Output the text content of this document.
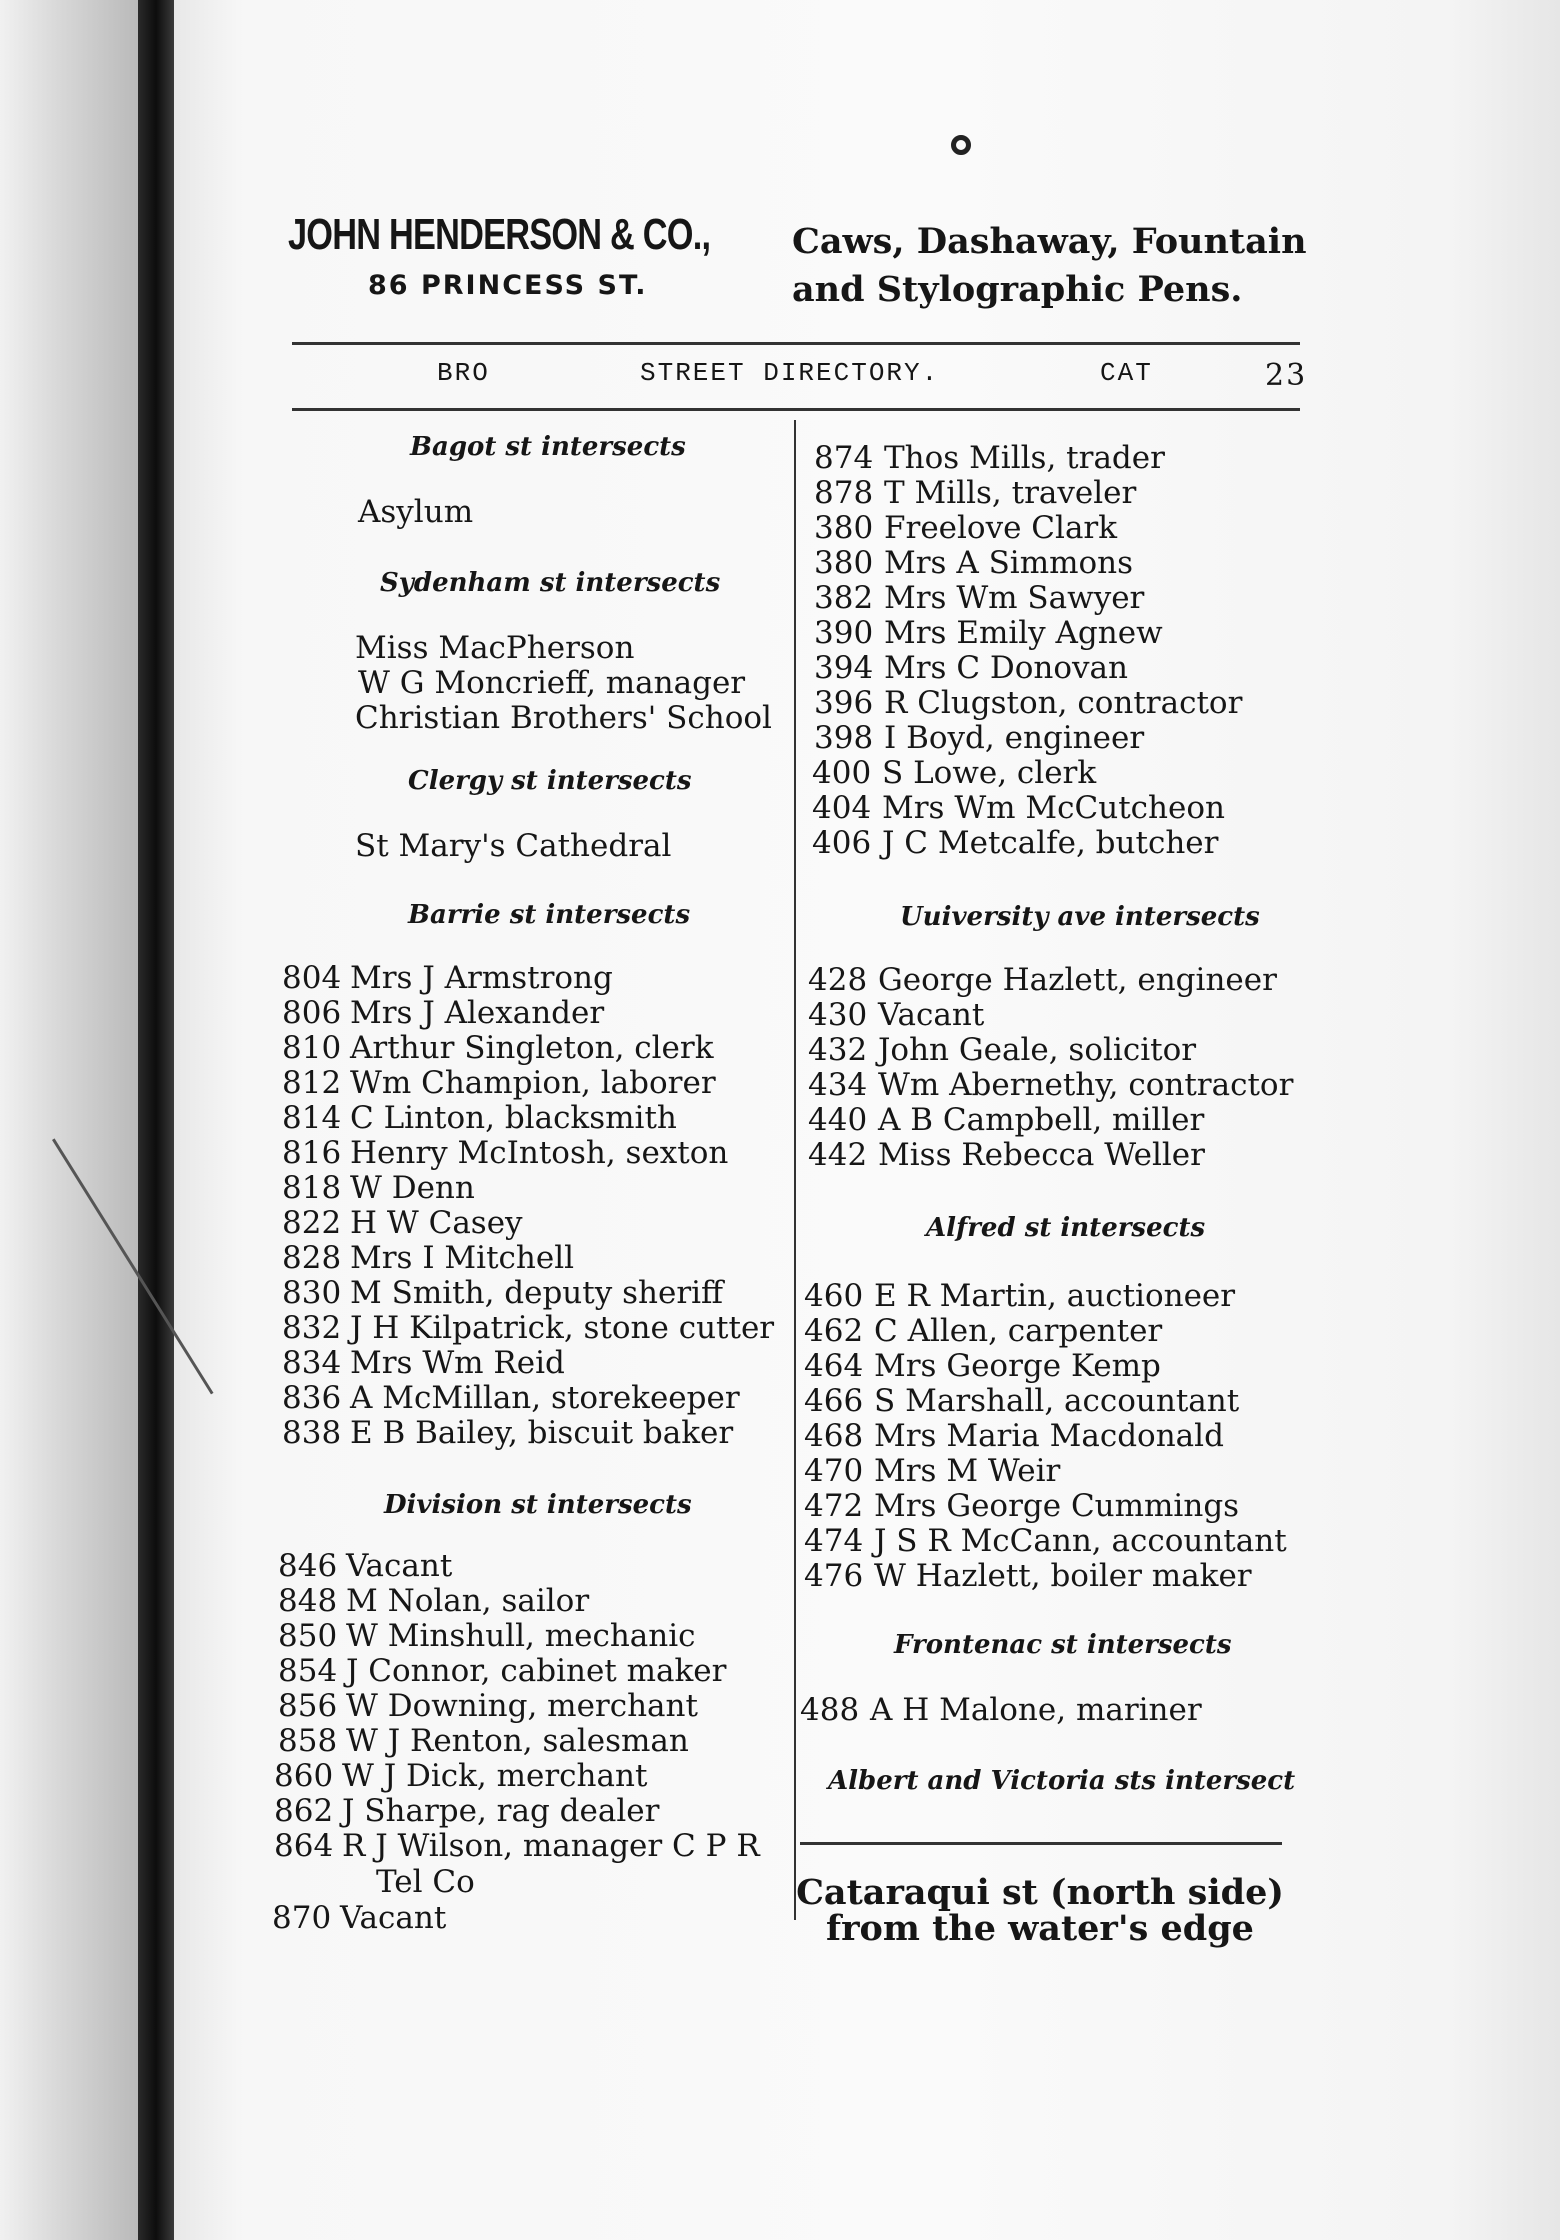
JOHN HENDERSON & CO.,
86 PRINCESS ST.
Caws, Dashaway, Fountain
and Stylographic Pens.
BRO	STREET DIRECTORY.	CAT	23
Bagot st intersects
Asylum
Sydenham st intersects
Miss MacPherson
W G Moncrieff, manager
Christian Brothers' School
Clergy st intersects
St Mary's Cathedral
Barrie st intersects
804 Mrs J Armstrong
806 Mrs J Alexander
810 Arthur Singleton, clerk
812 Wm Champion, laborer
814 C Linton, blacksmith
816 Henry McIntosh, sexton
818 W Denn
822 H W Casey
828 Mrs I Mitchell
830 M Smith, deputy sheriff
832 J H Kilpatrick, stone cutter
834 Mrs Wm Reid
836 A McMillan, storekeeper
838 E B Bailey, biscuit baker
Division st intersects
846 Vacant
848 M Nolan, sailor
850 W Minshull, mechanic
854 J Connor, cabinet maker
856 W Downing, merchant
858 W J Renton, salesman
860 W J Dick, merchant
862 J Sharpe, rag dealer
864 R J Wilson, manager C P R
Tel Co
870 Vacant
874 Thos Mills, trader
878 T Mills, traveler
380 Freelove Clark
380 Mrs A Simmons
382 Mrs Wm Sawyer
390 Mrs Emily Agnew
394 Mrs C Donovan
396 R Clugston, contractor
398 I Boyd, engineer
400 S Lowe, clerk
404 Mrs Wm McCutcheon
406 J C Metcalfe, butcher
Uuiversity ave intersects
428 George Hazlett, engineer
430 Vacant
432 John Geale, solicitor
434 Wm Abernethy, contractor
440 A B Campbell, miller
442 Miss Rebecca Weller
Alfred st intersects
460 E R Martin, auctioneer
462 C Allen, carpenter
464 Mrs George Kemp
466 S Marshall, accountant
468 Mrs Maria Macdonald
470 Mrs M Weir
472 Mrs George Cummings
474 J S R McCann, accountant
476 W Hazlett, boiler maker
Frontenac st intersects
488 A H Malone, mariner
Albert and Victoria sts intersect
Cataraqui st (north side)
from the water's edge
